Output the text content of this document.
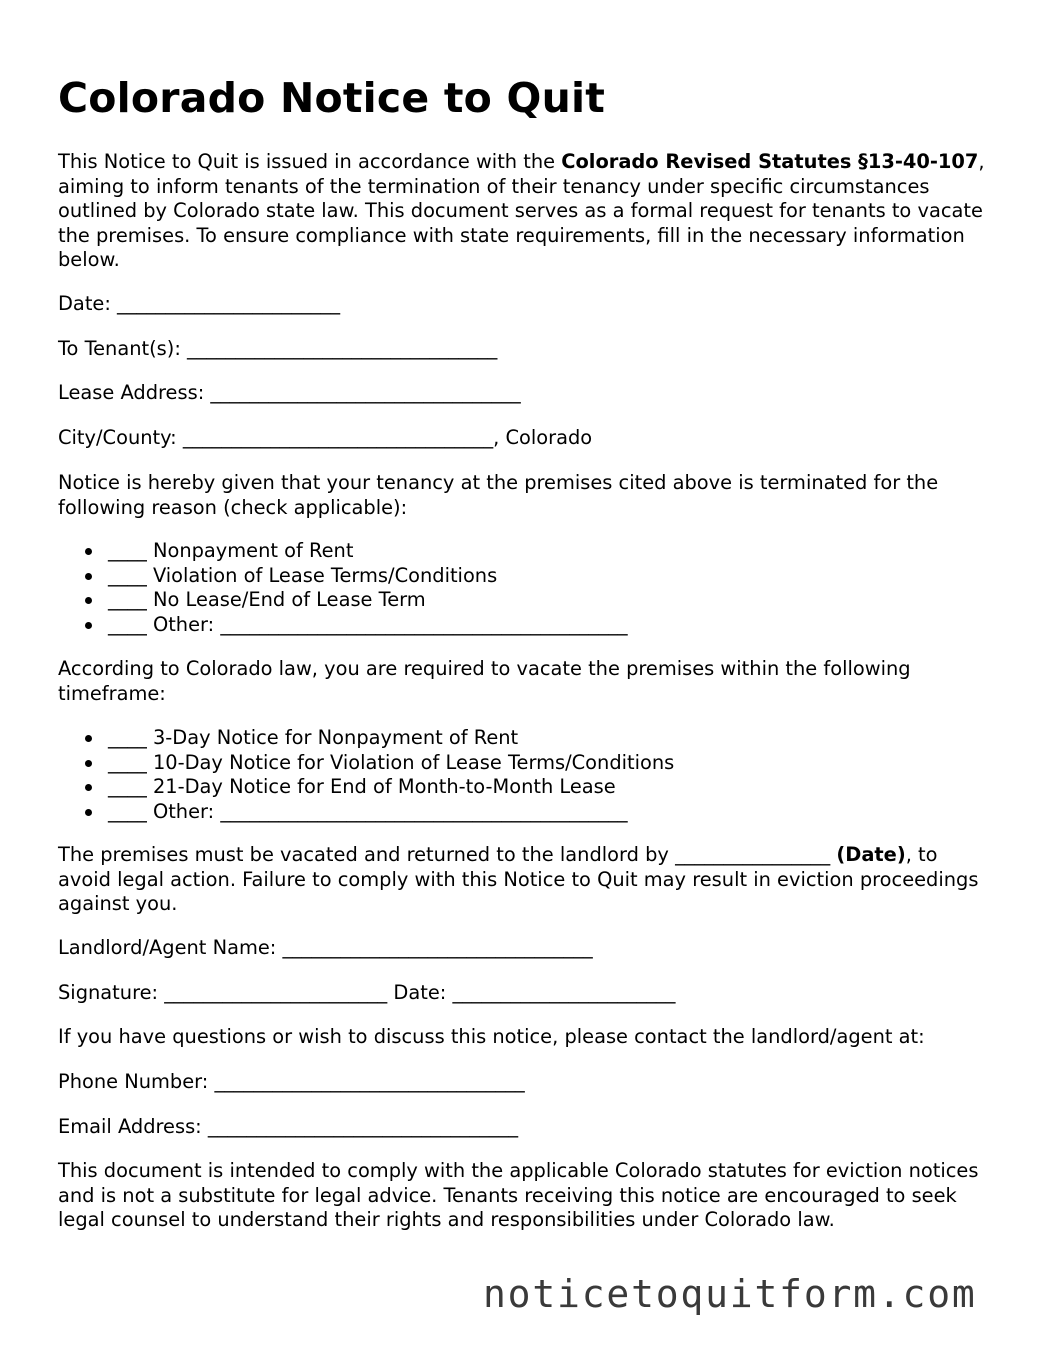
Colorado Notice to Quit

This Notice to Quit is issued in accordance with the Colorado Revised Statutes §13-40-107, aiming to inform tenants of the termination of their tenancy under specific circumstances outlined by Colorado state law. This document serves as a formal request for tenants to vacate the premises. To ensure compliance with state requirements, fill in the necessary information below.

Date: _______________________

To Tenant(s): ________________________________

Lease Address: ________________________________

City/County: ________________________________, Colorado

Notice is hereby given that your tenancy at the premises cited above is terminated for the following reason (check applicable):

____ Nonpayment of Rent
____ Violation of Lease Terms/Conditions
____ No Lease/End of Lease Term
____ Other: __________________________________________

According to Colorado law, you are required to vacate the premises within the following timeframe:

____ 3-Day Notice for Nonpayment of Rent
____ 10-Day Notice for Violation of Lease Terms/Conditions
____ 21-Day Notice for End of Month-to-Month Lease
____ Other: __________________________________________

The premises must be vacated and returned to the landlord by ________________ (Date), to avoid legal action. Failure to comply with this Notice to Quit may result in eviction proceedings against you.

Landlord/Agent Name: ________________________________

Signature: _______________________ Date: _______________________

If you have questions or wish to discuss this notice, please contact the landlord/agent at:

Phone Number: ________________________________

Email Address: ________________________________

This document is intended to comply with the applicable Colorado statutes for eviction notices and is not a substitute for legal advice. Tenants receiving this notice are encouraged to seek legal counsel to understand their rights and responsibilities under Colorado law.

noticetoquitform.com
